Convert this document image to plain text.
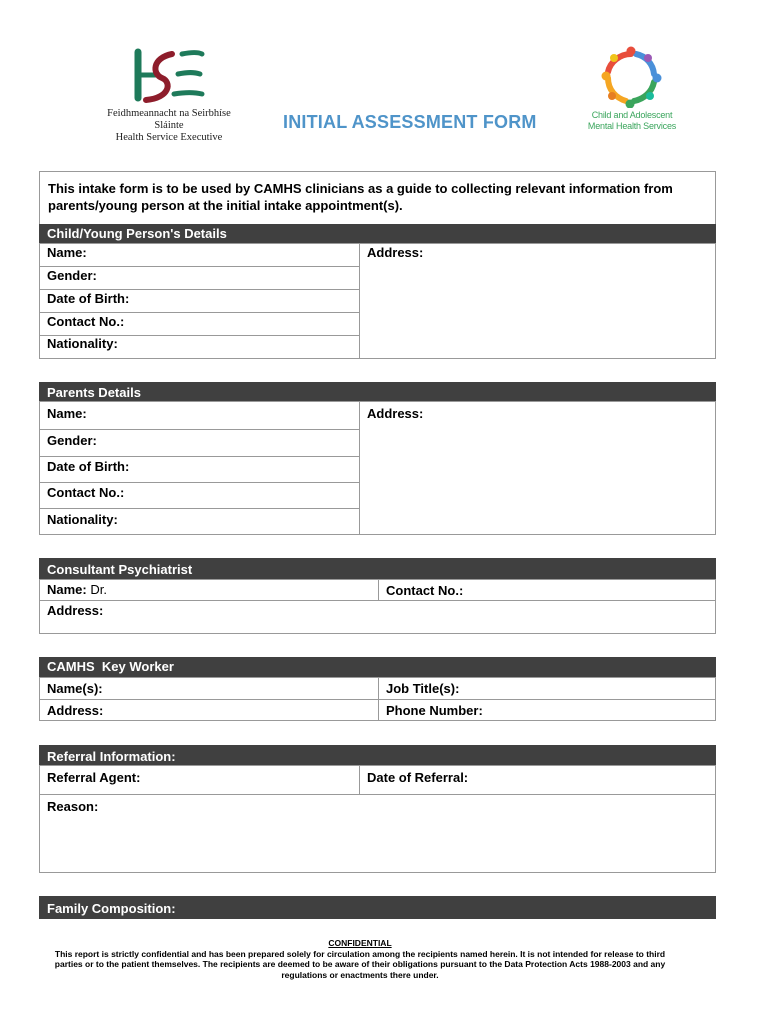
Feidhmeannacht na Seirbhíse Sláinte
Health Service Executive
INITIAL ASSESSMENT FORM	Child and Adolescent
Mental Health Services
This intake form is to be used by CAMHS clinicians as a guide to collecting relevant information from parents/young person at the initial intake appointment(s).
Child/Young Person's Details
Name:
Gender:
Date of Birth:
Contact No.:
Nationality:
Address:
Parents Details
Name:
Gender:
Date of Birth:
Contact No.:
Nationality:
Address:
Consultant Psychiatrist
Name: Dr.	Contact No.:
Address:
CAMHS  Key Worker
Name(s):	Job Title(s):
Address:	Phone Number:
Referral Information:
Referral Agent:	Date of Referral:
Reason:
Family Composition:
CONFIDENTIAL
This report is strictly confidential and has been prepared solely for circulation among the recipients named herein. It is not intended for release to third parties or to the patient themselves. The recipients are deemed to be aware of their obligations pursuant to the Data Protection Acts 1988-2003 and any regulations or enactments there under.
